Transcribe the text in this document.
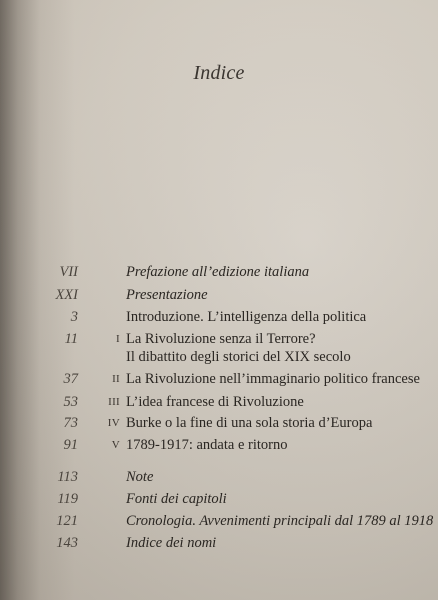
Indice
VII	Prefazione all’edizione italiana
XXI	Presentazione
3	Introduzione. L’intelligenza della politica
11	I La Rivoluzione senza il Terrore?
Il dibattito degli storici del XIX secolo
37	II La Rivoluzione nell’immaginario politico francese
53	III L’idea francese di Rivoluzione
73	IV Burke o la fine di una sola storia d’Europa
91	V 1789-1917: andata e ritorno
113	Note
119	Fonti dei capitoli
121	Cronologia. Avvenimenti principali dal 1789 al 1918
143	Indice dei nomi
